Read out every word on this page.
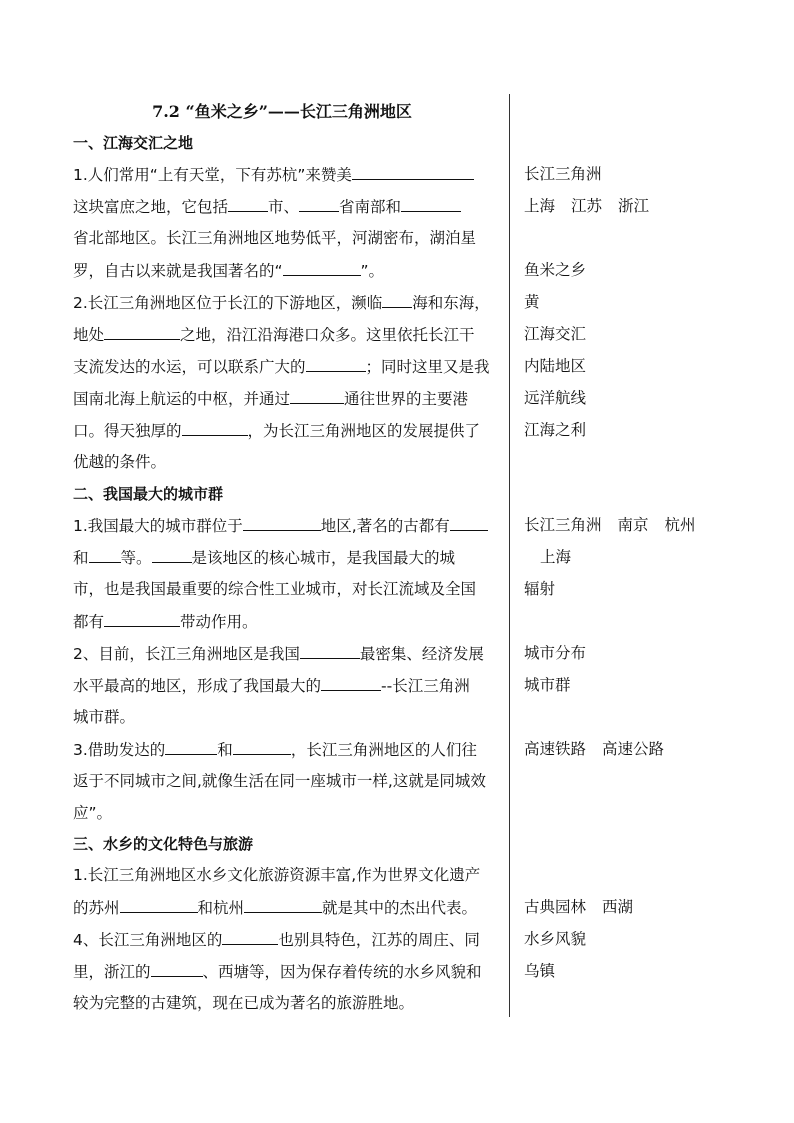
7.2 “鱼米之乡”——长江三角洲地区
一、江海交汇之地
1.人们常用“上有天堂，下有苏杭”来赞美
这块富庶之地，它包括	市、	省南部和
省北部地区。长江三角洲地区地势低平，河湖密布，湖泊星
罗，自古以来就是我国著名的“	”。
2.长江三角洲地区位于长江的下游地区，濒临 海和东海，
地处	之地，沿江沿海港口众多。这里依托长江干
支流发达的水运，可以联系广大的	；同时这里又是我
国南北海上航运的中枢，并通过	通往世界的主要港
口。得天独厚的	，为长江三角洲地区的发展提供了
优越的条件。
二、我国最大的城市群
1.我国最大的城市群位于	地区,著名的古都有
和 等。	是该地区的核心城市，是我国最大的城
市，也是我国最重要的综合性工业城市，对长江流域及全国
都有	带动作用。
2、目前，长江三角洲地区是我国	最密集、经济发展
水平最高的地区，形成了我国最大的	--长江三角洲
城市群。
3.借助发达的	和	，长江三角洲地区的人们往
返于不同城市之间,就像生活在同一座城市一样,这就是同城效
应”。
三、水乡的文化特色与旅游
1.长江三角洲地区水乡文化旅游资源丰富,作为世界文化遗产
的苏州	和杭州	就是其中的杰出代表。
4、长江三角洲地区的	也别具特色，江苏的周庄、同
里，浙江的	、西塘等，因为保存着传统的水乡风貌和
较为完整的古建筑，现在已成为著名的旅游胜地。
长江三角洲
上海 江苏 浙江
鱼米之乡
黄
江海交汇
内陆地区
远洋航线
江海之利
长江三角洲 南京 杭州
上海
辐射
城市分布
城市群
高速铁路 高速公路
古典园林 西湖
水乡风貌
乌镇
